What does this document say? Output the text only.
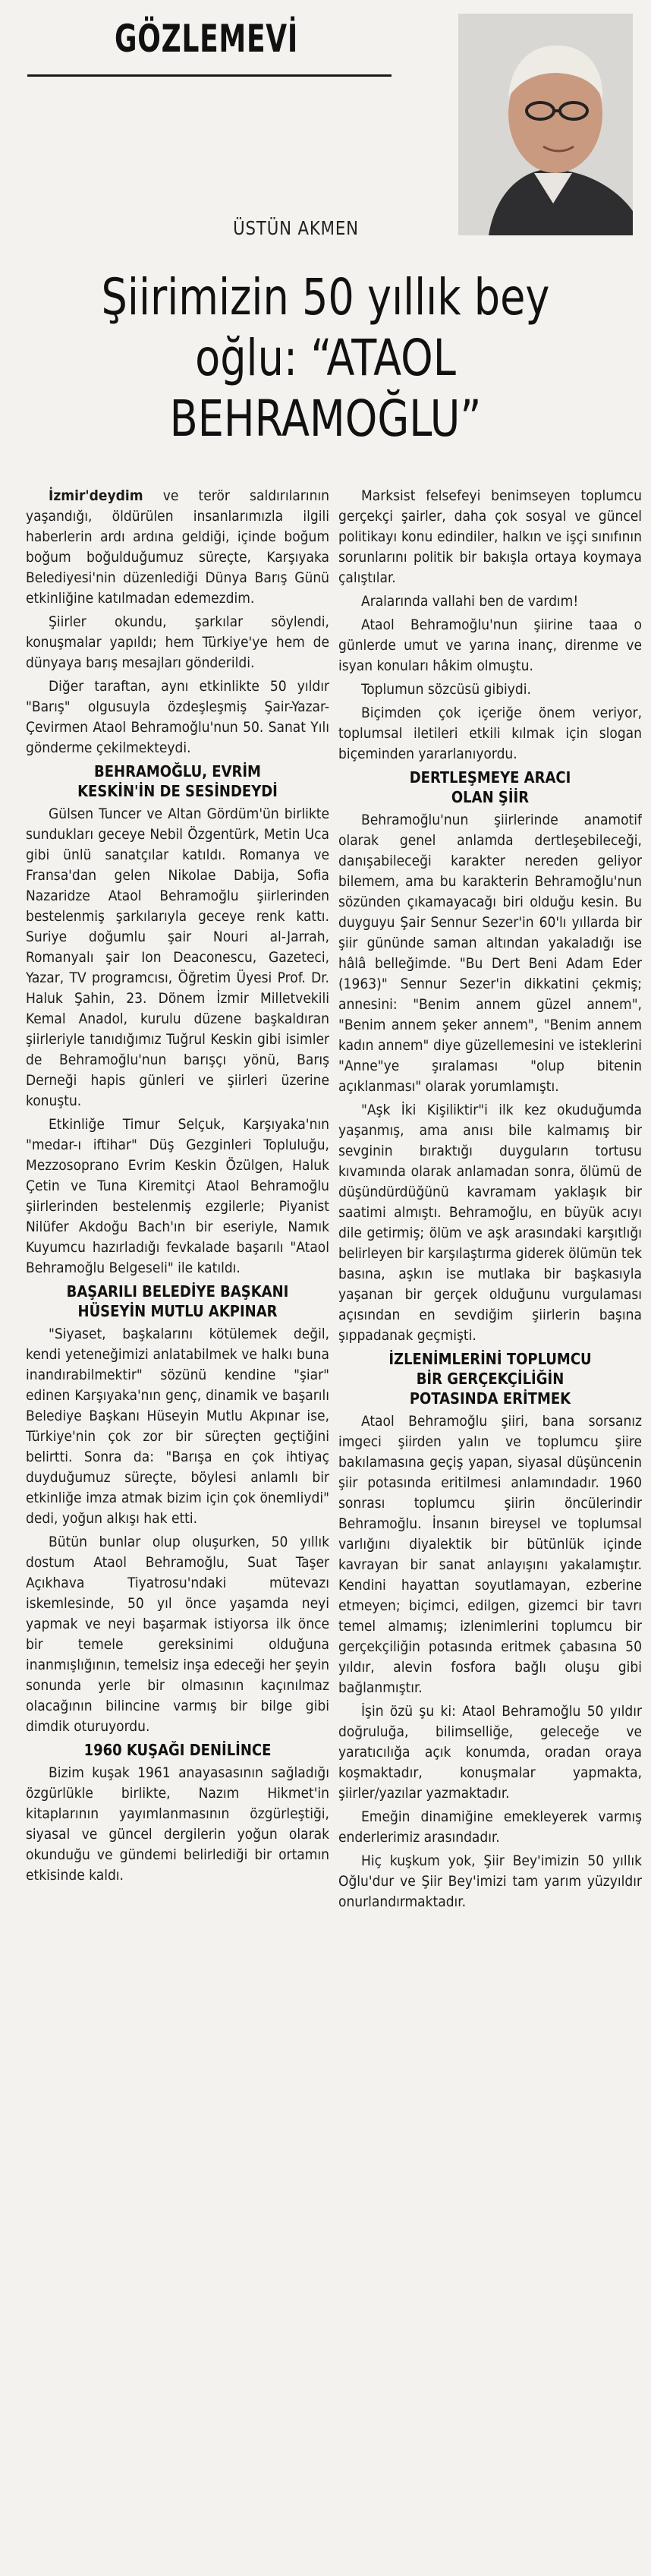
GÖZLEMEVİ
ÜSTÜN AKMEN
Şiirimizin 50 yıllık bey
oğlu: “ATAOL
BEHRAMOĞLU”

İzmir'deydim ve terör saldırılarının yaşandığı, öldürülen insanlarımızla ilgili haberlerin ardı ardına geldiği, içinde boğum boğum boğulduğumuz süreçte, Karşıyaka Belediyesi'nin düzenlediği Dünya Barış Günü etkinliğine katılmadan edemezdim.

Şiirler okundu, şarkılar söylendi, konuşmalar yapıldı; hem Türkiye'ye hem de dünyaya barış mesajları gönderildi.

Diğer taraftan, aynı etkinlikte 50 yıldır "Barış" olgusuyla özdeşleşmiş Şair-Yazar-Çevirmen Ataol Behramoğlu'nun 50. Sanat Yılı gönderme çekilmekteydi.

BEHRAMOĞLU, EVRİM
KESKİN'İN DE SESİNDEYDİ

Gülsen Tuncer ve Altan Gördüm'ün birlikte sundukları geceye Nebil Özgentürk, Metin Uca gibi ünlü sanatçılar katıldı. Romanya ve Fransa'dan gelen Nikolae Dabija, Sofia Nazaridze Ataol Behramoğlu şiirlerinden bestelenmiş şarkılarıyla geceye renk kattı. Suriye doğumlu şair Nouri al-Jarrah, Romanyalı şair Ion Deaconescu, Gazeteci, Yazar, TV programcısı, Öğretim Üyesi Prof. Dr. Haluk Şahin, 23. Dönem İzmir Milletvekili Kemal Anadol, kurulu düzene başkaldıran şiirleriyle tanıdığımız Tuğrul Keskin gibi isimler de Behramoğlu'nun barışçı yönü, Barış Derneği hapis günleri ve şiirleri üzerine konuştu.

Etkinliğe Timur Selçuk, Karşıyaka'nın "medar-ı iftihar" Düş Gezginleri Topluluğu, Mezzosoprano Evrim Keskin Özülgen, Haluk Çetin ve Tuna Kiremitçi Ataol Behramoğlu şiirlerinden bestelenmiş ezgilerle; Piyanist Nilüfer Akdoğu Bach'ın bir eseriyle, Namık Kuyumcu hazırladığı fevkalade başarılı "Ataol Behramoğlu Belgeseli" ile katıldı.

BAŞARILI BELEDİYE BAŞKANI
HÜSEYİN MUTLU AKPINAR

"Siyaset, başkalarını kötülemek değil, kendi yeteneğimizi anlatabilmek ve halkı buna inandırabilmektir" sözünü kendine "şiar" edinen Karşıyaka'nın genç, dinamik ve başarılı Belediye Başkanı Hüseyin Mutlu Akpınar ise, Türkiye'nin çok zor bir süreçten geçtiğini belirtti. Sonra da: "Barışa en çok ihtiyaç duyduğumuz süreçte, böylesi anlamlı bir etkinliğe imza atmak bizim için çok önemliydi" dedi, yoğun alkışı hak etti.

Bütün bunlar olup oluşurken, 50 yıllık dostum Ataol Behramoğlu, Suat Taşer Açıkhava Tiyatrosu'ndaki mütevazı iskemlesinde, 50 yıl önce yaşamda neyi yapmak ve neyi başarmak istiyorsa ilk önce bir temele gereksinimi olduğuna inanmışlığının, temelsiz inşa edeceği her şeyin sonunda yerle bir olmasının kaçınılmaz olacağının bilincine varmış bir bilge gibi dimdik oturuyordu.

1960 KUŞAĞI DENİLİNCE

Bizim kuşak 1961 anayasasının sağladığı özgürlükle birlikte, Nazım Hikmet'in kitaplarının yayımlanmasının özgürleştiği, siyasal ve güncel dergilerin yoğun olarak okunduğu ve gündemi belirlediği bir ortamın etkisinde kaldı.

Marksist felsefeyi benimseyen toplumcu gerçekçi şairler, daha çok sosyal ve güncel politikayı konu edindiler, halkın ve işçi sınıfının sorunlarını politik bir bakışla ortaya koymaya çalıştılar.

Aralarında vallahi ben de vardım!

Ataol Behramoğlu'nun şiirine taaa o günlerde umut ve yarına inanç, direnme ve isyan konuları hâkim olmuştu.

Toplumun sözcüsü gibiydi.

Biçimden çok içeriğe önem veriyor, toplumsal iletileri etkili kılmak için slogan biçeminden yararlanıyordu.

DERTLEŞMEYE ARACI
OLAN ŞİİR

Behramoğlu'nun şiirlerinde anamotif olarak genel anlamda dertleşebileceği, danışabileceği karakter nereden geliyor bilemem, ama bu karakterin Behramoğlu'nun sözünden çıkamayacağı biri olduğu kesin. Bu duyguyu Şair Sennur Sezer'in 60'lı yıllarda bir şiir gününde saman altından yakaladığı ise hâlâ belleğimde. "Bu Dert Beni Adam Eder (1963)" Sennur Sezer'in dikkatini çekmiş; annesini: "Benim annem güzel annem", "Benim annem şeker annem", "Benim annem kadın annem" diye güzellemesini ve isteklerini "Anne"ye şıralaması "olup bitenin açıklanması" olarak yorumlamıştı.

"Aşk İki Kişiliktir"i ilk kez okuduğumda yaşanmış, ama anısı bile kalmamış bir sevginin bıraktığı duyguların tortusu kıvamında olarak anlamadan sonra, ölümü de düşündürdüğünü kavramam yaklaşık bir saatimi almıştı. Behramoğlu, en büyük acıyı dile getirmiş; ölüm ve aşk arasındaki karşıtlığı belirleyen bir karşılaştırma giderek ölümün tek basına, aşkın ise mutlaka bir başkasıyla yaşanan bir gerçek olduğunu vurgulaması açısından en sevdiğim şiirlerin başına şıppadanak geçmişti.

İZLENİMLERİNİ TOPLUMCU
BİR GERÇEKÇİLİĞİN
POTASINDA ERİTMEK

Ataol Behramoğlu şiiri, bana sorsanız imgeci şiirden yalın ve toplumcu şiire bakılamasına geçiş yapan, siyasal düşüncenin şiir potasında eritilmesi anlamındadır. 1960 sonrası toplumcu şiirin öncülerindir Behramoğlu. İnsanın bireysel ve toplumsal varlığını diyalektik bir bütünlük içinde kavrayan bir sanat anlayışını yakalamıştır. Kendini hayattan soyutlamayan, ezberine etmeyen; biçimci, edilgen, gizemci bir tavrı temel almamış; izlenimlerini toplumcu bir gerçekçiliğin potasında eritmek çabasına 50 yıldır, alevin fosfora bağlı oluşu gibi bağlanmıştır.

İşin özü şu ki: Ataol Behramoğlu 50 yıldır doğruluğa, bilimselliğe, geleceğe ve yaratıcılığa açık konumda, oradan oraya koşmaktadır, konuşmalar yapmakta, şiirler/yazılar yazmaktadır.

Emeğin dinamiğine emekleyerek varmış enderlerimiz arasındadır.

Hiç kuşkum yok, Şiir Bey'imizin 50 yıllık Oğlu'dur ve Şiir Bey'imizi tam yarım yüzyıldır onurlandırmaktadır.
